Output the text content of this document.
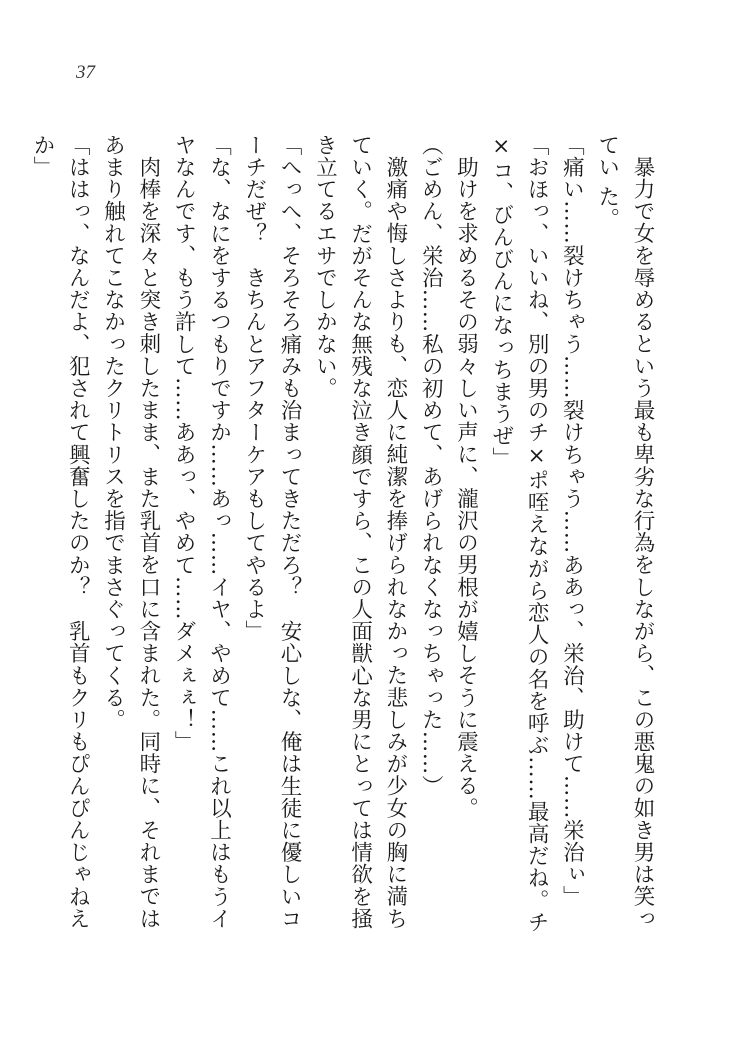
37

暴力で女を辱めるという最も卑劣な行為をしながら、この悪鬼の如き男は笑ってい た。

「痛い……裂けちゃう……裂けちゃう……ああっ、栄治、助けて……栄治ぃ」

「おほっ、いいね、別の男のチ×ポ咥えながら恋人の名を呼ぶ……最高だね。チ×コ、びんびんになっちまうぜ」

助けを求めるその弱々しい声に、瀧沢の男根が嬉しそうに震える。

（ごめん、栄治……私の初めて、あげられなくなっちゃった……）

激痛や悔しさよりも、恋人に純潔を捧げられなかった悲しみが少女の胸に満ちていく。だがそんな無残な泣き顔ですら、この人面獣心な男にとっては情欲を掻き立てるエサでしかない。

「へっへ、そろそろ痛みも治まってきただろ？　安心しな、俺は生徒に優しいコーチだぜ？　きちんとアフターケアもしてやるよ」

「な、なにをするつもりですか……あっ……イヤ、やめて……これ以上はもうイヤなんです、もう許して……ああっ、やめて……ダメぇぇ！」

肉棒を深々と突き刺したまま、また乳首を口に含まれた。同時に、それまではあまり触れてこなかったクリトリスを指でまさぐってくる。

「ははっ、なんだよ、犯されて興奮したのか？　乳首もクリもぴんぴんじゃねえか」
